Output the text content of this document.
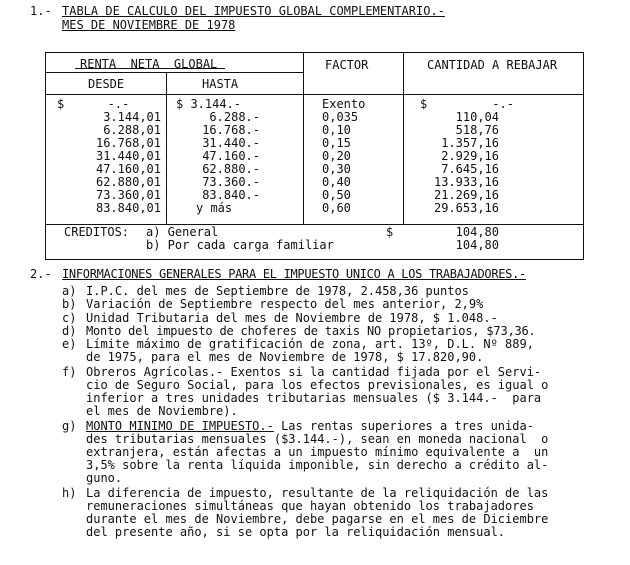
1.- TABLA DE CALCULO DEL IMPUESTO GLOBAL COMPLEMENTARIO.-
MES DE NOVIEMBRE DE 1978
RENTA  NETA  GLOBAL
DESDE	HASTA
FACTOR	CANTIDAD A REBAJAR
$      -.-	$ 3.144.-	Exento	$         -.-
3.144,01	6.288.-	0,035	110,04
6.288,01	16.768.-	0,10	518,76
16.768,01	31.440.-	0,15	1.357,16
31.440,01	47.160.-	0,20	2.929,16
47.160,01	62.880.-	0,30	7.645,16
62.880,01	73.360.-	0,40	13.933,16
73.360,01	83.840.-	0,50	21.269,16
83.840,01	y más	0,60	29.653,16
CREDITOS: a) General	$	104,80
b) Por cada carga familiar	104,80
2.- INFORMACIONES GENERALES PARA EL IMPUESTO UNICO A LOS TRABAJADORES.-
a) I.P.C. del mes de Septiembre de 1978, 2.458,36 puntos
b) Variación de Septiembre respecto del mes anterior, 2,9%
c) Unidad Tributaria del mes de Noviembre de 1978, $ 1.048.-
d) Monto del impuesto de choferes de taxis NO propietarios, $73,36.
e) Límite máximo de gratificación de zona, art. 13º, D.L. Nº 889,
de 1975, para el mes de Noviembre de 1978, $ 17.820,90.
f) Obreros Agrícolas.- Exentos si la cantidad fijada por el Servi-
cio de Seguro Social, para los efectos previsionales, es igual o
inferior a tres unidades tributarias mensuales ($ 3.144.-  para
el mes de Noviembre).
g) MONTO MINIMO DE IMPUESTO.- Las rentas superiores a tres unida-
des tributarias mensuales ($3.144.-), sean en moneda nacional  o
extranjera, están afectas a un impuesto mínimo equivalente a  un
3,5% sobre la renta líquida imponible, sin derecho a crédito al-
guno.
h) La diferencia de impuesto, resultante de la reliquidación de las
remuneraciones simultáneas que hayan obtenido los trabajadores
durante el mes de Noviembre, debe pagarse en el mes de Diciembre
del presente año, si se opta por la reliquidación mensual.
